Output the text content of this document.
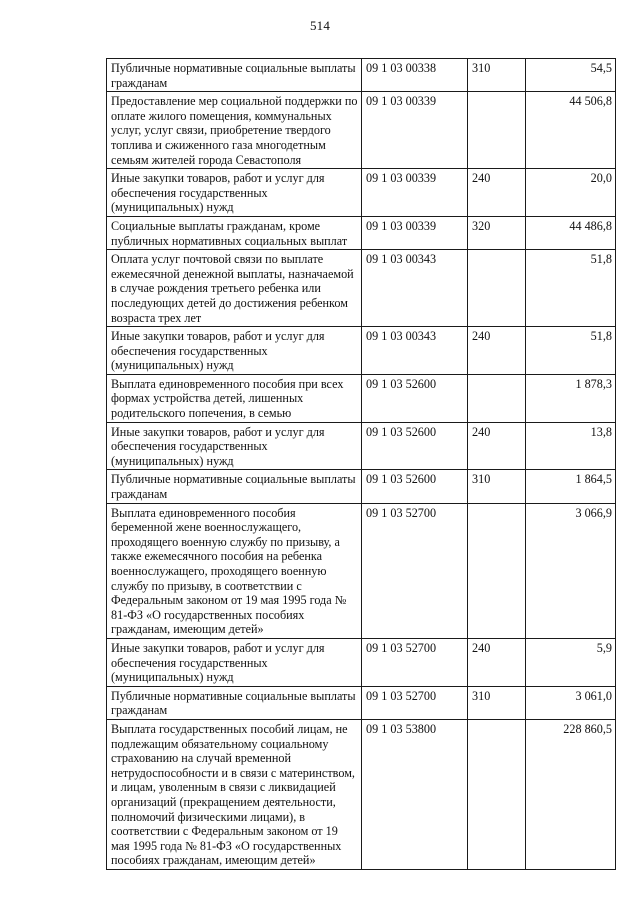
514
Публичные нормативные социальные выплаты гражданам	09 1 03 00338	310	54,5
Предоставление мер социальной поддержки по оплате жилого помещения, коммунальных услуг, услуг связи, приобретение твердого топлива и сжиженного газа многодетным семьям жителей города Севастополя	09 1 03 00339		44 506,8
Иные закупки товаров, работ и услуг для обеспечения государственных (муниципальных) нужд	09 1 03 00339	240	20,0
Социальные выплаты гражданам, кроме публичных нормативных социальных выплат	09 1 03 00339	320	44 486,8
Оплата услуг почтовой связи по выплате ежемесячной денежной выплаты, назначаемой в случае рождения третьего ребенка или последующих детей до достижения ребенком возраста трех лет	09 1 03 00343		51,8
Иные закупки товаров, работ и услуг для обеспечения государственных (муниципальных) нужд	09 1 03 00343	240	51,8
Выплата единовременного пособия при всех формах устройства детей, лишенных родительского попечения, в семью	09 1 03 52600		1 878,3
Иные закупки товаров, работ и услуг для обеспечения государственных (муниципальных) нужд	09 1 03 52600	240	13,8
Публичные нормативные социальные выплаты гражданам	09 1 03 52600	310	1 864,5
Выплата единовременного пособия беременной жене военнослужащего, проходящего военную службу по призыву, а также ежемесячного пособия на ребенка военнослужащего, проходящего военную службу по призыву, в соответствии с Федеральным законом от 19 мая 1995 года № 81-ФЗ «О государственных пособиях гражданам, имеющим детей»	09 1 03 52700		3 066,9
Иные закупки товаров, работ и услуг для обеспечения государственных (муниципальных) нужд	09 1 03 52700	240	5,9
Публичные нормативные социальные выплаты гражданам	09 1 03 52700	310	3 061,0
Выплата государственных пособий лицам, не подлежащим обязательному социальному страхованию на случай временной нетрудоспособности и в связи с материнством, и лицам, уволенным в связи с ликвидацией организаций (прекращением деятельности, полномочий физическими лицами), в соответствии с Федеральным законом от 19 мая 1995 года № 81-ФЗ «О государственных пособиях гражданам, имеющим детей»	09 1 03 53800		228 860,5
